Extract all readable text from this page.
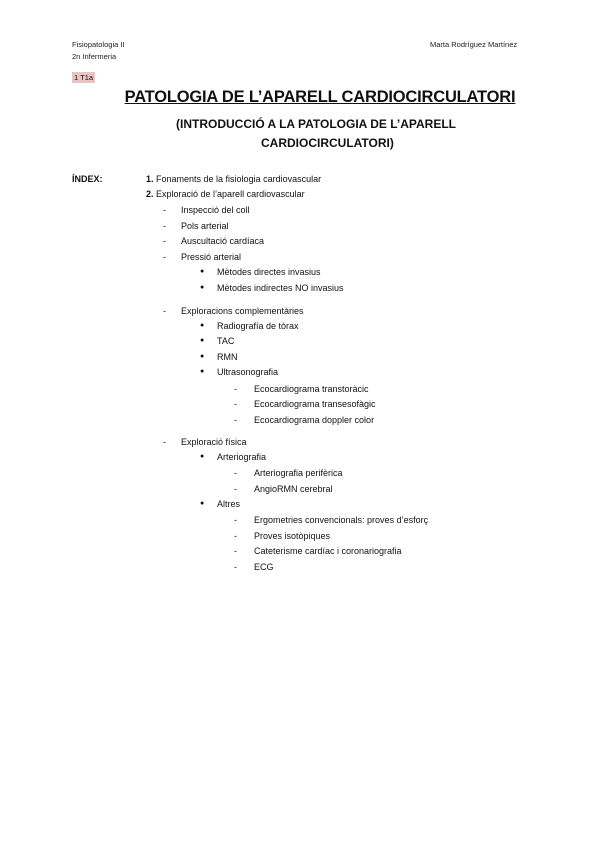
Fisiopatologia II
2n Infermeria
Marta Rodríguez Martínez
1 T1a
PATOLOGIA DE L’APARELL CARDIOCIRCULATORI
(INTRODUCCIÓ A LA PATOLOGIA DE L’APARELL
CARDIOCIRCULATORI)
ÍNDEX:	1. Fonaments de la fisiologia cardiovascular
2. Exploració de l’aparell cardiovascular
- Inspecció del coll
- Pols arterial
- Auscultació cardíaca
- Pressió arterial
● Mètodes directes invasius
● Mètodes indirectes NO invasius
- Exploracions complementàries
● Radiografía de tòrax
● TAC
● RMN
● Ultrasonografia
- Ecocardiograma transtoràcic
- Ecocardiograma transesofàgic
- Ecocardiograma doppler color
- Exploració física
● Arteriografia
- Arteriografia perifèrica
- AngioRMN cerebral
● Altres
- Ergometries convencionals: proves d’esforç
- Proves isotòpiques
- Cateterisme cardíac i coronariografia
- ECG
